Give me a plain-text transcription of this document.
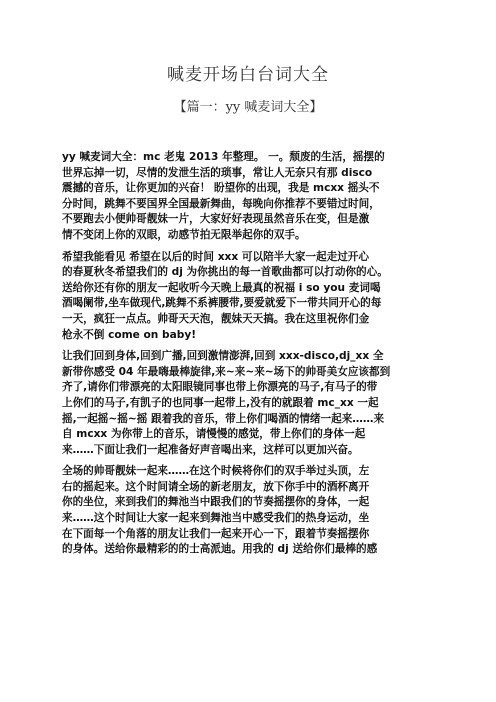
喊麦开场白台词大全
【篇一：yy 喊麦词大全】
yy 喊麦词大全：mc 老鬼 2013 年整理。 一。颓废的生活，摇摆的
世界忘掉一切，尽情的发泄生活的琐事，常让人无奈只有那 disco
震撼的音乐，让你更加的兴奋！ 盼望你的出现，我是 mcxx 摇头不
分时间，跳舞不要国界全国最新舞曲，每晚向你推荐不要错过时间，
不要跑去小便帅哥靓妹一片，大家好好表现虽然音乐在变，但是激
情不变闭上你的双眼，动感节拍无限举起你的双手。
希望我能看见 希望在以后的时间 xxx 可以陪半大家一起走过开心
的春夏秋冬希望我们的 dj 为你挑出的每一首歌曲都可以打动你的心。
送给你还有你的朋友一起收听今天晚上最真的祝福 i so you 麦词喝
酒喝阑带,坐车做现代,跳舞不系裤腰带,要爱就爱下一带共同开心的每
一天，疯狂一点点。帅哥天天泡，靓妹天天搞。我在这里祝你们金
枪永不倒 come on baby!
让我们回到身体,回到广播,回到激情澎湃,回到 xxx-disco,dj_xx 全
新带你感受 04 年最嗨最棒旋律,来~来~来~场下的帅哥美女应该都到
齐了,请你们带漂亮的太阳眼镜同事也带上你漂亮的马子,有马子的带
上你们的马子,有凯子的也同事一起带上,没有的就跟着 mc_xx 一起
摇,一起摇~摇~摇 跟着我的音乐，带上你们喝酒的情绪一起来……来
自 mcxx 为你带上的音乐，请慢慢的感觉，带上你们的身体一起
来……下面让我们一起准备好声音喝出来，这样可以更加兴奋。
全场的帅哥靓妹一起来……在这个时候将你们的双手举过头顶，左
右的摇起来。这个时间请全场的新老朋友，放下你手中的酒杯离开
你的坐位，来到我们的舞池当中跟我们的节奏摇摆你的身体，一起
来……这个时间让大家一起来到舞池当中感受我们的热身运动，坐
在下面每一个角落的朋友让我们一起来开心一下，跟着节奏摇摆你
的身体。送给你最精彩的的士高派迪。用我的 dj 送给你们最棒的感
